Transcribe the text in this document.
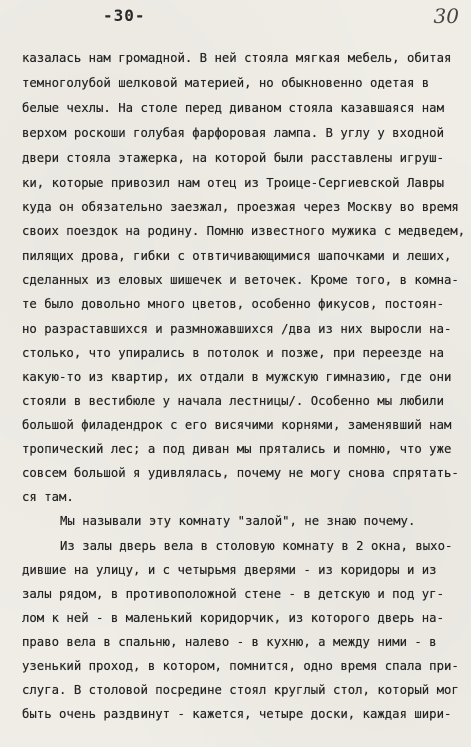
-30-	30
казалась нам громадной. В ней стояла мягкая мебель, обитая
темноголубой шелковой материей, но обыкновенно одетая в
белые чехлы. На столе перед диваном стояла казавшаяся нам
верхом роскоши голубая фарфоровая лампа. В углу у входной
двери стояла этажерка, на которой были расставлены игруш-
ки, которые привозил нам отец из Троице-Сергиевской Лавры
куда он обязательно заезжал, проезжая через Москву во время
своих поездок на родину. Помню известного мужика с медведем,
пилящих дрова, гибки с отвтичивающимися шапочками и леших,
сделанных из еловых шишечек и веточек. Кроме того, в комна-
те было довольно много цветов, особенно фикусов, постоян-
но разраставшихся и размножавшихся /два из них выросли на-
столько, что упирались в потолок и позже, при переезде на
какую-то из квартир, их отдали в мужскую гимназию, где они
стояли в вестибюле у начала лестницы/. Особенно мы любили
большой филадендрок с его висячими корнями, заменявший нам
тропический лес; а под диван мы прятались и помню, что уже
совсем большой я удивлялась, почему не могу снова спрятать-
ся там.
Мы называли эту комнату "залой", не знаю почему.
Из залы дверь вела в столовую комнату в 2 окна, выхо-
дившие на улицу, и с четырьмя дверями - из коридоры и из
залы рядом, в противоположной стене - в детскую и под уг-
лом к ней - в маленький коридорчик, из которого дверь на-
право вела в спальню, налево - в кухню, а между ними - в
узенький проход, в котором, помнится, одно время спала при-
слуга. В столовой посредине стоял круглый стол, который мог
быть очень раздвинут - кажется, четыре доски, каждая шири-
